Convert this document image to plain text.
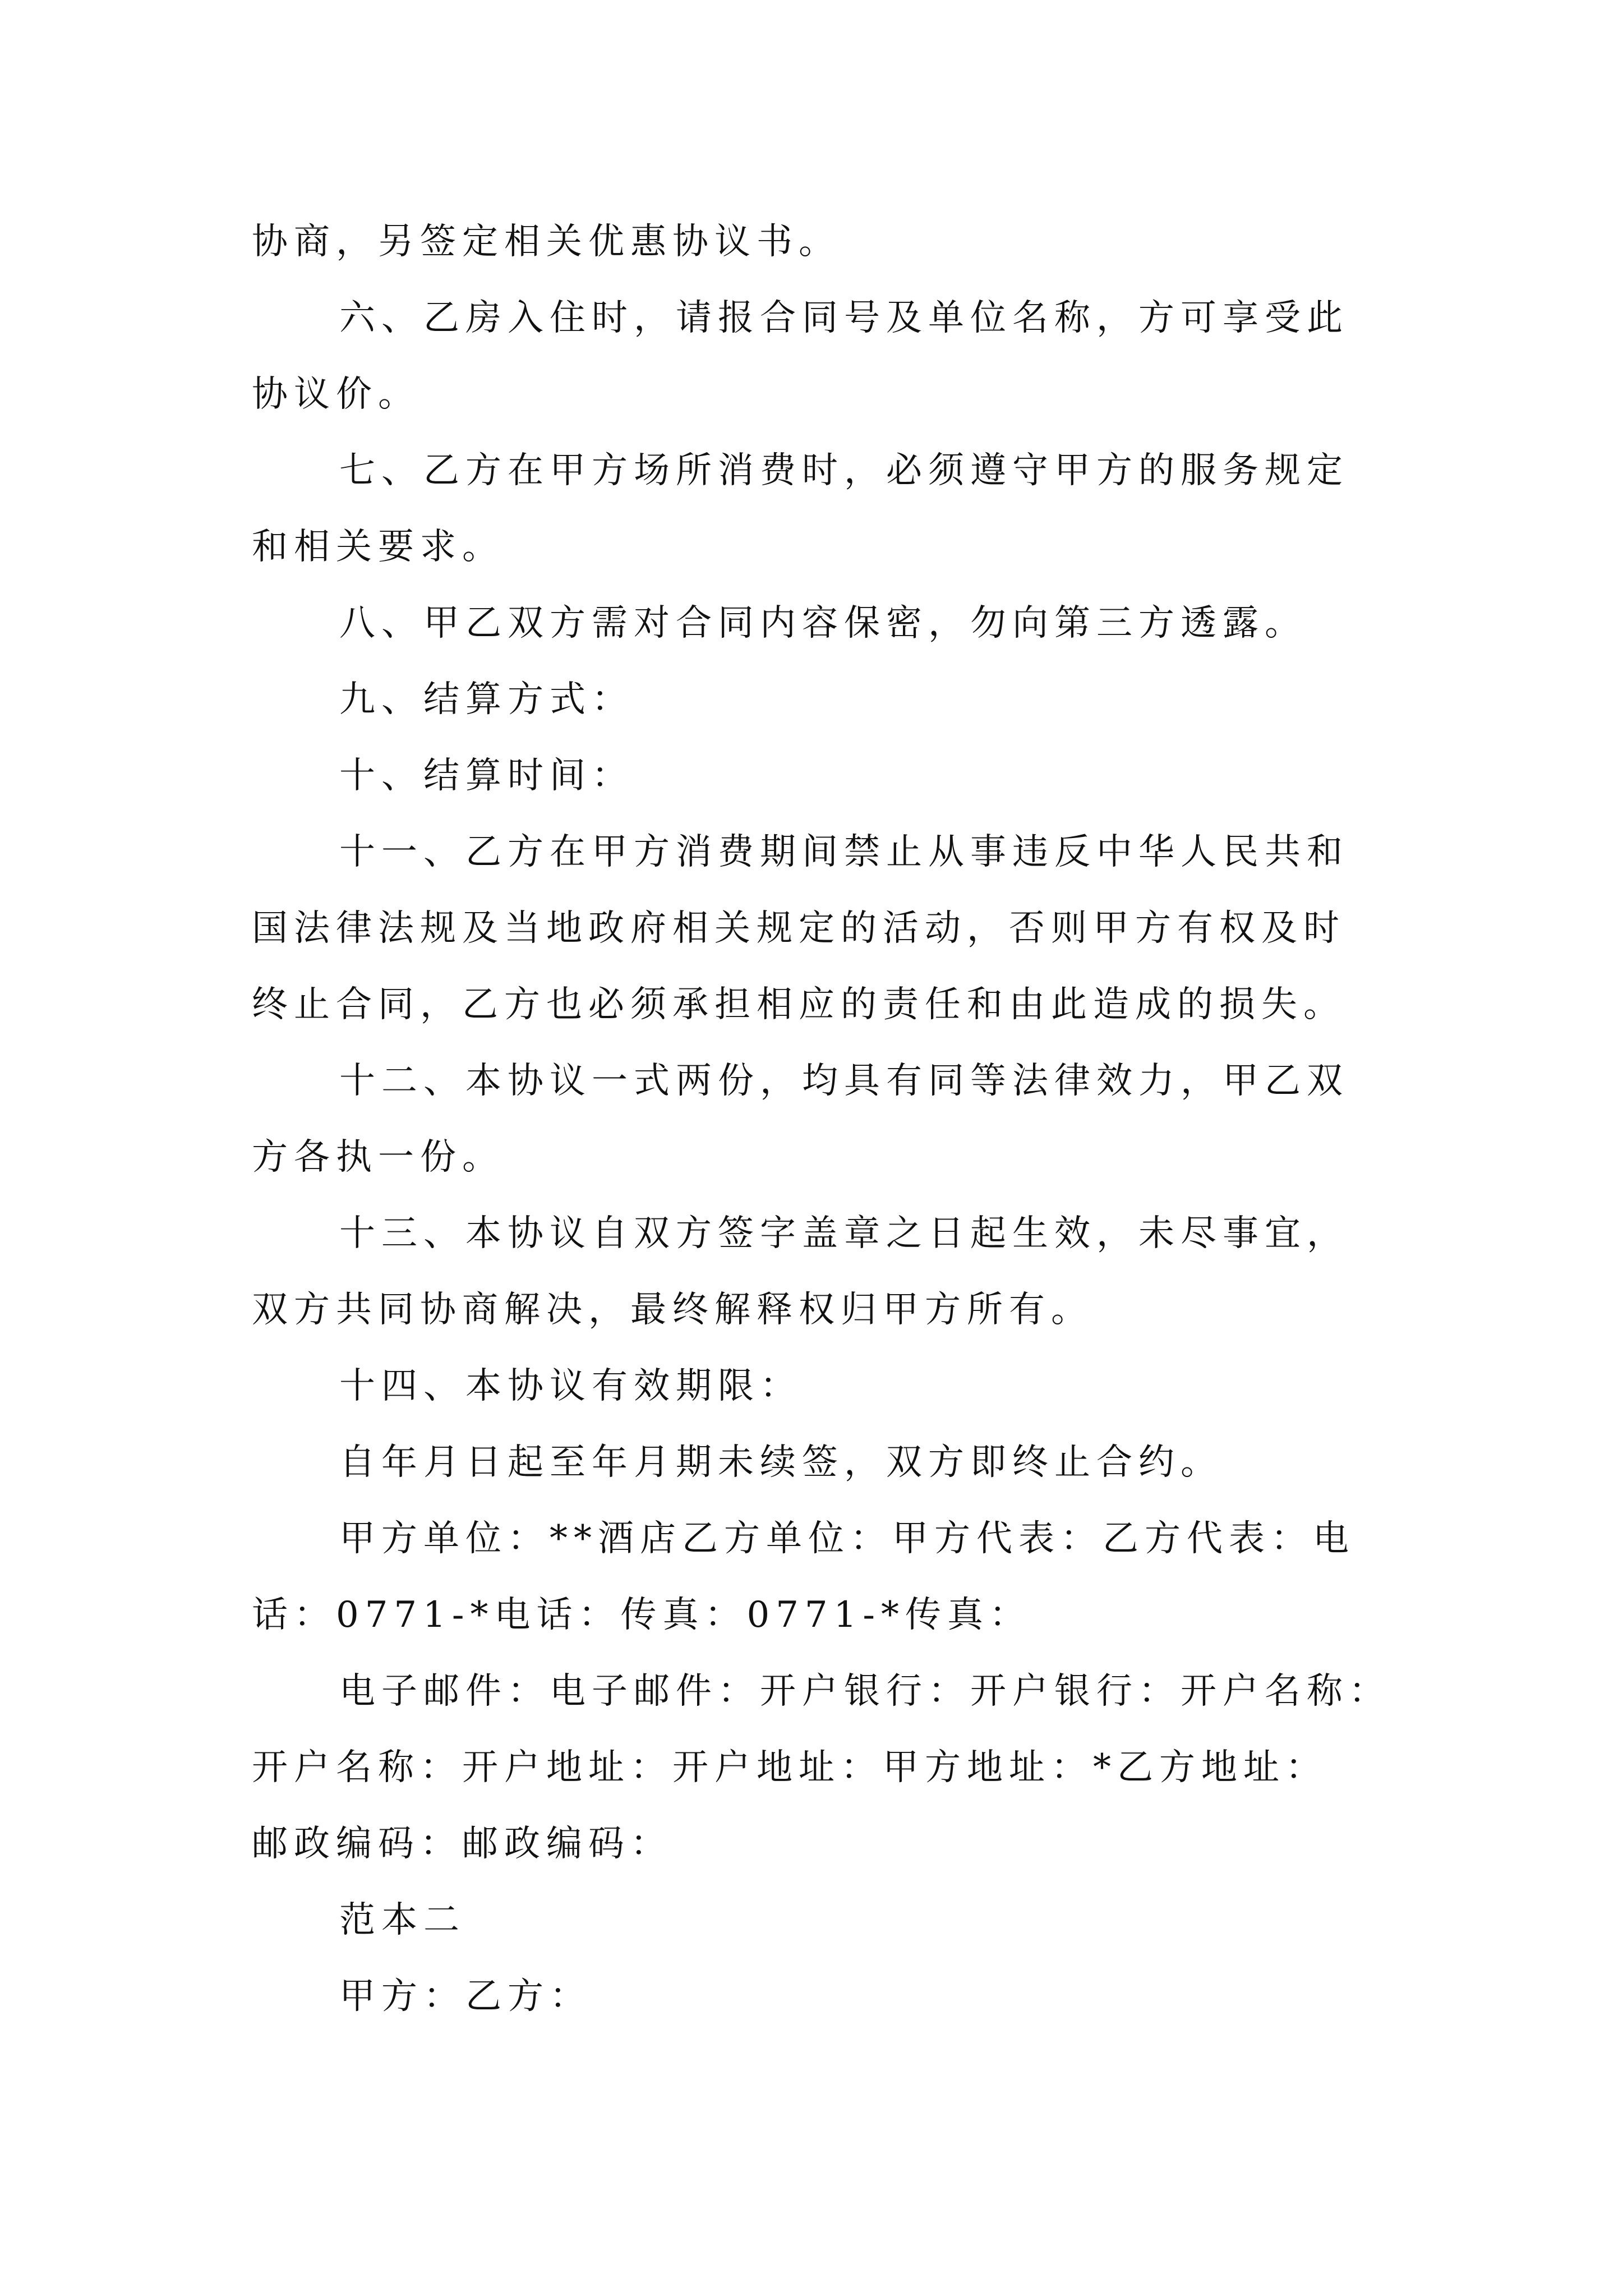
协商，另签定相关优惠协议书。
六、乙房入住时，请报合同号及单位名称，方可享受此
协议价。
七、乙方在甲方场所消费时，必须遵守甲方的服务规定
和相关要求。
八、甲乙双方需对合同内容保密，勿向第三方透露。
九、结算方式：
十、结算时间：
十一、乙方在甲方消费期间禁止从事违反中华人民共和
国法律法规及当地政府相关规定的活动，否则甲方有权及时
终止合同，乙方也必须承担相应的责任和由此造成的损失。
十二、本协议一式两份，均具有同等法律效力，甲乙双
方各执一份。
十三、本协议自双方签字盖章之日起生效，未尽事宜，
双方共同协商解决，最终解释权归甲方所有。
十四、本协议有效期限：
自年月日起至年月期未续签，双方即终止合约。
甲方单位：**酒店乙方单位：甲方代表：乙方代表：电
话：0771-*电话：传真：0771-*传真：
电子邮件：电子邮件：开户银行：开户银行：开户名称：
开户名称：开户地址：开户地址：甲方地址：*乙方地址：
邮政编码：邮政编码：
范本二
甲方：乙方：
